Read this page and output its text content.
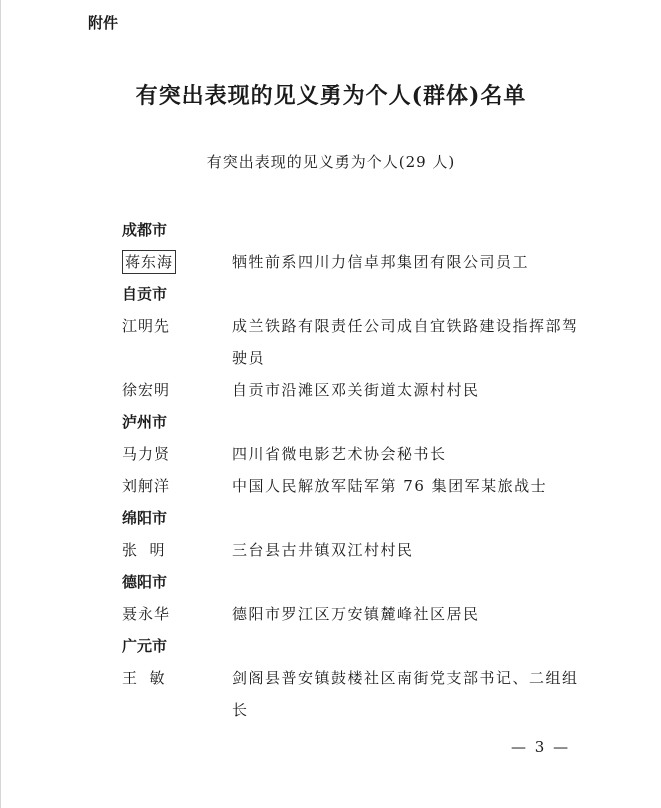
附件
有突出表现的见义勇为个人(群体)名单
有突出表现的见义勇为个人(29 人)
成都市
蒋东海	牺牲前系四川力信卓邦集团有限公司员工
自贡市
江明先	成兰铁路有限责任公司成自宜铁路建设指挥部驾驶员
徐宏明	自贡市沿滩区邓关街道太源村村民
泸州市
马力贤	四川省微电影艺术协会秘书长
刘舸洋	中国人民解放军陆军第 76 集团军某旅战士
绵阳市
张  明	三台县古井镇双江村村民
德阳市
聂永华	德阳市罗江区万安镇麓峰社区居民
广元市
王  敏	剑阁县普安镇鼓楼社区南街党支部书记、二组组长
— 3 —
